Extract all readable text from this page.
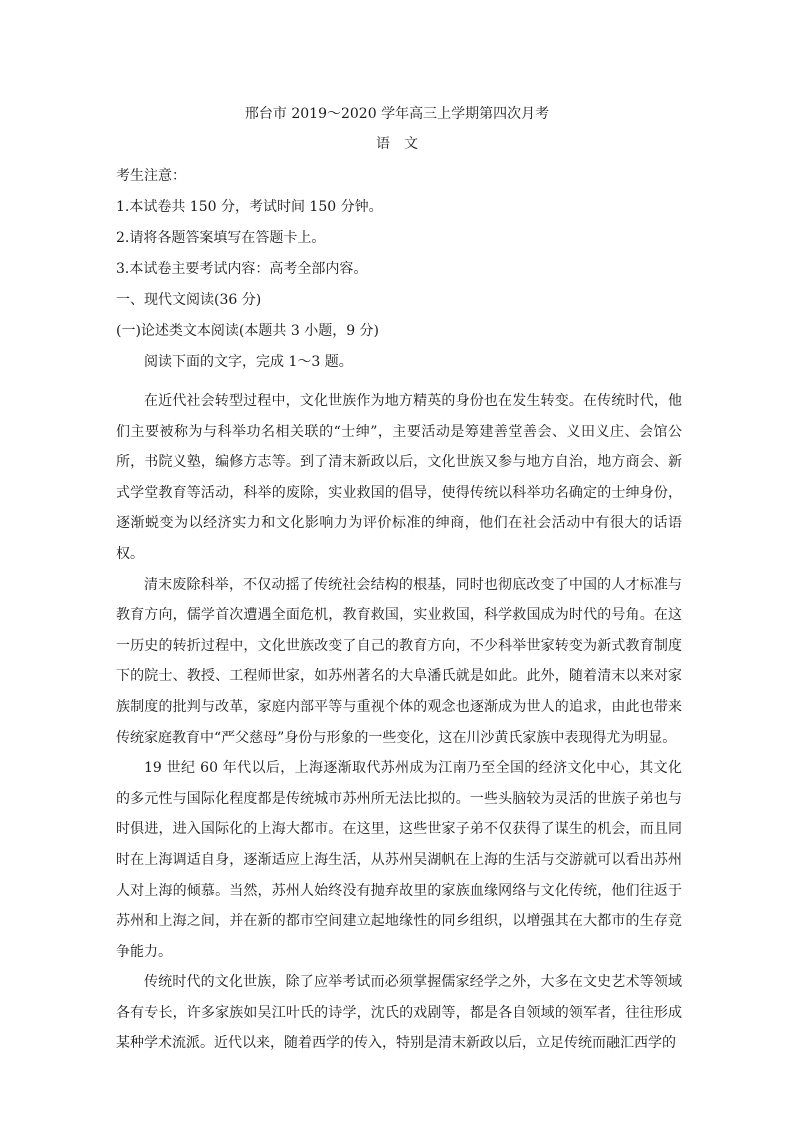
邢台市 2019～2020 学年高三上学期第四次月考
语文
考生注意：
1.本试卷共 150 分，考试时间 150 分钟。
2.请将各题答案填写在答题卡上。
3.本试卷主要考试内容：高考全部内容。
一、现代文阅读(36 分)
(一)论述类文本阅读(本题共 3 小题，9 分)
阅读下面的文字，完成 1～3 题。

在近代社会转型过程中，文化世族作为地方精英的身份也在发生转变。在传统时代，他们主要被称为与科举功名相关联的“士绅”，主要活动是筹建善堂善会、义田义庄、会馆公所，书院义塾，编修方志等。到了清末新政以后，文化世族又参与地方自治，地方商会、新式学堂教育等活动，科举的废除，实业救国的倡导，使得传统以科举功名确定的士绅身份，逐渐蜕变为以经济实力和文化影响力为评价标准的绅商，他们在社会活动中有很大的话语权。

清末废除科举，不仅动摇了传统社会结构的根基，同时也彻底改变了中国的人才标准与教育方向，儒学首次遭遇全面危机，教育救国，实业救国，科学救国成为时代的号角。在这一历史的转折过程中，文化世族改变了自己的教育方向，不少科举世家转变为新式教育制度下的院士、教授、工程师世家，如苏州著名的大阜潘氏就是如此。此外，随着清末以来对家族制度的批判与改革，家庭内部平等与重视个体的观念也逐渐成为世人的追求，由此也带来传统家庭教育中“严父慈母”身份与形象的一些变化，这在川沙黄氏家族中表现得尤为明显。

19 世纪 60 年代以后，上海逐渐取代苏州成为江南乃至全国的经济文化中心，其文化的多元性与国际化程度都是传统城市苏州所无法比拟的。一些头脑较为灵活的世族子弟也与时俱进，进入国际化的上海大都市。在这里，这些世家子弟不仅获得了谋生的机会，而且同时在上海调适自身，逐渐适应上海生活，从苏州吴湖帆在上海的生活与交游就可以看出苏州人对上海的倾慕。当然，苏州人始终没有抛弃故里的家族血缘网络与文化传统，他们往返于苏州和上海之间，并在新的都市空间建立起地缘性的同乡组织，以增强其在大都市的生存竞争能力。

传统时代的文化世族，除了应举考试而必须掌握儒家经学之外，大多在文史艺术等领域各有专长，许多家族如吴江叶氏的诗学，沈氏的戏剧等，都是各自领域的领军者，往往形成某种学术流派。近代以来，随着西学的传入，特别是清末新政以后，立足传统而融汇西学的
